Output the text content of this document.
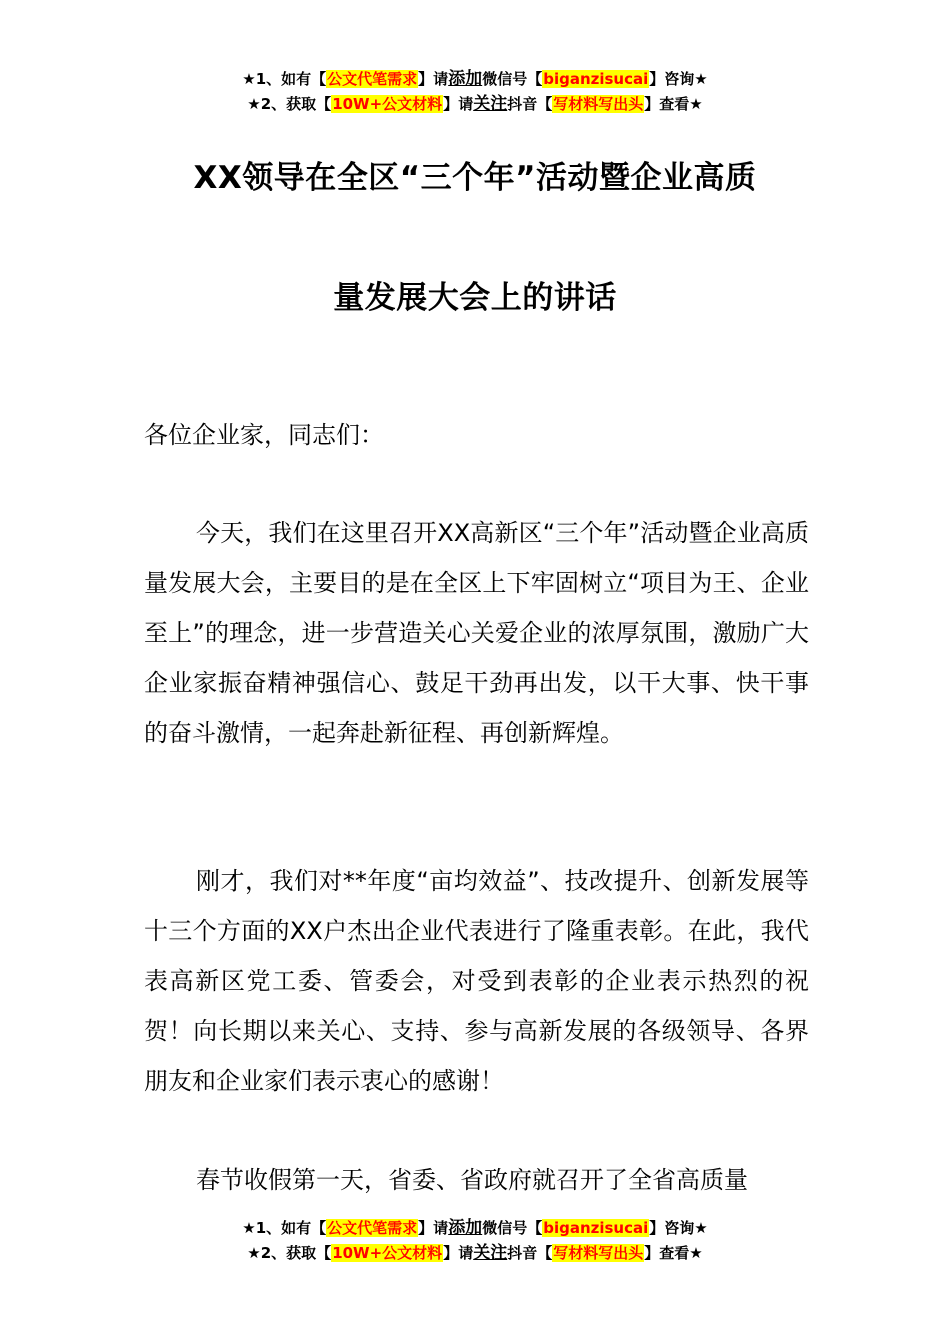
★1、如有【公文代笔需求】请添加微信号【biganzisucai】咨询★
★2、获取【10W+公文材料】请关注抖音【写材料写出头】查看★
XX领导在全区“三个年”活动暨企业高质
量发展大会上的讲话

各位企业家，同志们：

今天，我们在这里召开XX高新区“三个年”活动暨企业高质量发展大会，主要目的是在全区上下牢固树立“项目为王、企业至上”的理念，进一步营造关心关爱企业的浓厚氛围，激励广大企业家振奋精神强信心、鼓足干劲再出发，以干大事、快干事的奋斗激情，一起奔赴新征程、再创新辉煌。

刚才，我们对**年度“亩均效益”、技改提升、创新发展等十三个方面的XX户杰出企业代表进行了隆重表彰。在此，我代表高新区党工委、管委会，对受到表彰的企业表示热烈的祝贺！向长期以来关心、支持、参与高新发展的各级领导、各界朋友和企业家们表示衷心的感谢！

春节收假第一天，省委、省政府就召开了全省高质量

★1、如有【公文代笔需求】请添加微信号【biganzisucai】咨询★
★2、获取【10W+公文材料】请关注抖音【写材料写出头】查看★
